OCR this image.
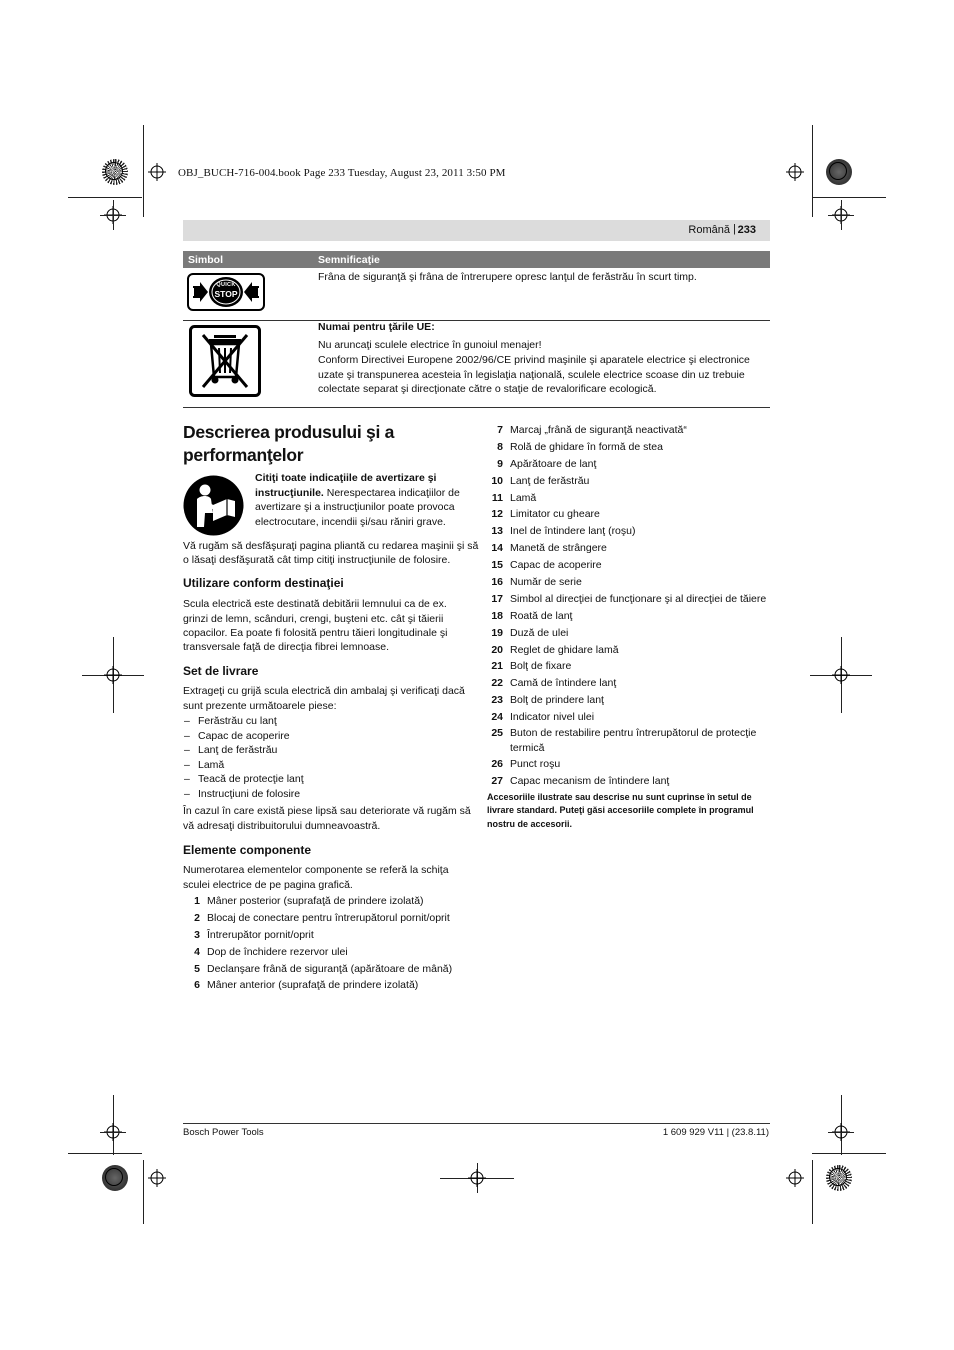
OBJ_BUCH-716-004.book Page 233 Tuesday, August 23, 2011 3:50 PM
Română | 233
Simbol	Semnificaţie
QUICK
STOP
Frâna de siguranţă şi frâna de întrerupere opresc lanţul de ferăstrău în scurt timp.
Numai pentru ţările UE:
Nu aruncaţi sculele electrice în gunoiul menajer!
Conform Directivei Europene 2002/96/CE privind maşinile şi aparatele electrice şi electronice
uzate şi transpunerea acesteia în legislaţia naţională, sculele electrice scoase din uz trebuie
colectate separat şi direcţionate către o staţie de revalorificare ecologică.
Descrierea produsului şi a
performanţelor
Citiţi toate indicaţiile de avertizare şi
instrucţiunile. Nerespectarea indicaţiilor de
avertizare şi a instrucţiunilor poate provoca
electrocutare, incendii şi/sau răniri grave.
Vă rugăm să desfăşuraţi pagina pliantă cu redarea maşinii şi să
o lăsaţi desfăşurată cât timp citiţi instrucţiunile de folosire.
Utilizare conform destinaţiei
Scula electrică este destinată debitării lemnului ca de ex.
grinzi de lemn, scânduri, crengi, buşteni etc. cât şi tăierii
copacilor. Ea poate fi folosită pentru tăieri longitudinale şi
transversale faţă de direcţia fibrei lemnoase.
Set de livrare
Extrageţi cu grijă scula electrică din ambalaj şi verificaţi dacă
sunt prezente următoarele piese:
– Ferăstrău cu lanţ
– Capac de acoperire
– Lanţ de ferăstrău
– Lamă
– Teacă de protecţie lanţ
– Instrucţiuni de folosire
În cazul în care există piese lipsă sau deteriorate vă rugăm să
vă adresaţi distribuitorului dumneavoastră.
Elemente componente
Numerotarea elementelor componente se referă la schiţa
sculei electrice de pe pagina grafică.
1 Mâner posterior (suprafaţă de prindere izolată)
2 Blocaj de conectare pentru întrerupătorul pornit/oprit
3 Întrerupător pornit/oprit
4 Dop de închidere rezervor ulei
5 Declanşare frână de siguranţă (apărătoare de mână)
6 Mâner anterior (suprafaţă de prindere izolată)
7 Marcaj „frână de siguranţă neactivată“
8 Rolă de ghidare în formă de stea
9 Apărătoare de lanţ
10 Lanţ de ferăstrău
11 Lamă
12 Limitator cu gheare
13 Inel de întindere lanţ (roşu)
14 Manetă de strângere
15 Capac de acoperire
16 Număr de serie
17 Simbol al direcţiei de funcţionare şi al direcţiei de tăiere
18 Roată de lanţ
19 Duză de ulei
20 Reglet de ghidare lamă
21 Bolţ de fixare
22 Camă de întindere lanţ
23 Bolţ de prindere lanţ
24 Indicator nivel ulei
25 Buton de restabilire pentru întrerupătorul de protecţie
termică
26 Punct roşu
27 Capac mecanism de întindere lanţ
Accesoriile ilustrate sau descrise nu sunt cuprinse în setul de
livrare standard. Puteţi găsi accesoriile complete în programul
nostru de accesorii.
Bosch Power Tools	1 609 929 V11 | (23.8.11)
